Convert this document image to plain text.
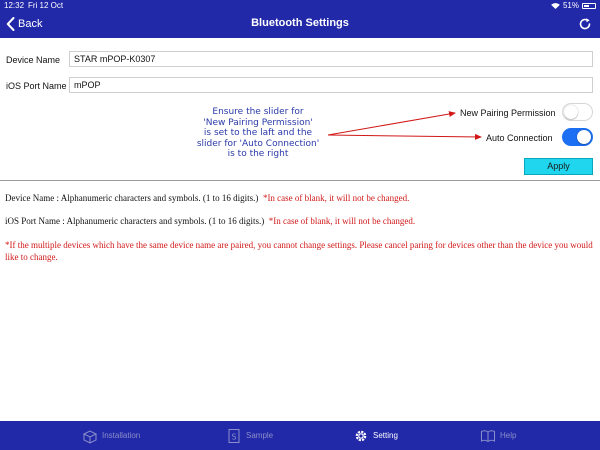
12:32 Fri 12 Oct	51%
Back	Bluetooth Settings
Device Name
STAR mPOP-K0307
iOS Port Name
mPOP
New Pairing Permission
Auto Connection
Ensure the slider for
'New Pairing Permission'
is set to the laft and the
slider for 'Auto Connection'
is to the right
Apply
Device Name : Alphanumeric characters and symbols. (1 to 16 digits.) *In case of blank, it will not be changed.
iOS Port Name : Alphanumeric characters and symbols. (1 to 16 digits.) *In case of blank, it will not be changed.
*If the multiple devices which have the same device name are paired, you cannot change settings. Please cancel paring for devices other than the device you would like to change.
Installation	S Sample	Setting	Help
